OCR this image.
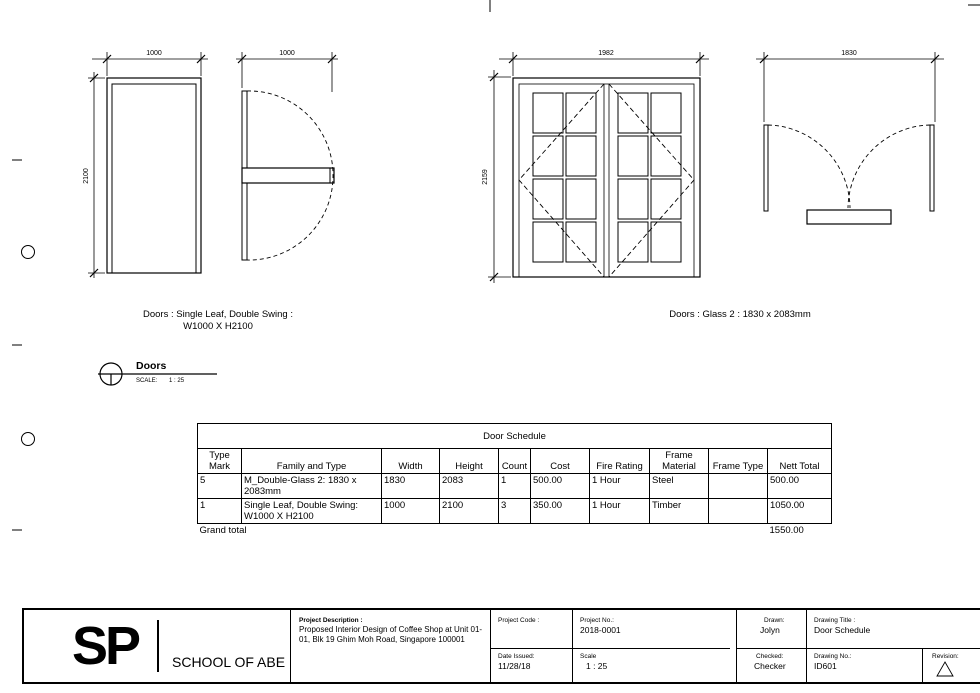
1000
2100
1000	1982
2159
1830
Doors : Single Leaf, Double Swing :
W1000 X H2100
Doors : Glass 2 : 1830 x 2083mm
Doors
SCALE: 1 : 25
Door Schedule									
Type Mark	Family and Type	Width	Height	Count	Cost	Fire Rating	Frame Material	Frame Type	Nett Total
5	M_Double-Glass 2: 1830 x 2083mm	1830	2083	1	500.00	1 Hour	Steel		500.00
1	Single Leaf, Double Swing: W1000 X H2100	1000	2100	3	350.00	1 Hour	Timber		1050.00
Grand total									1550.00
SP SCHOOL OF ABE
Project Description :
Proposed Interior Design of Coffee Shop at Unit 01-01, Blk 19 Ghim Moh Road, Singapore 100001
Project Code :
Date Issued:
11/28/18
Project No.:
2018-0001
Scale
1 : 25
Drawn:
Jolyn
Checked:
Checker
Drawing Title :
Door Schedule
Drawing No.:
ID601
Revision:
